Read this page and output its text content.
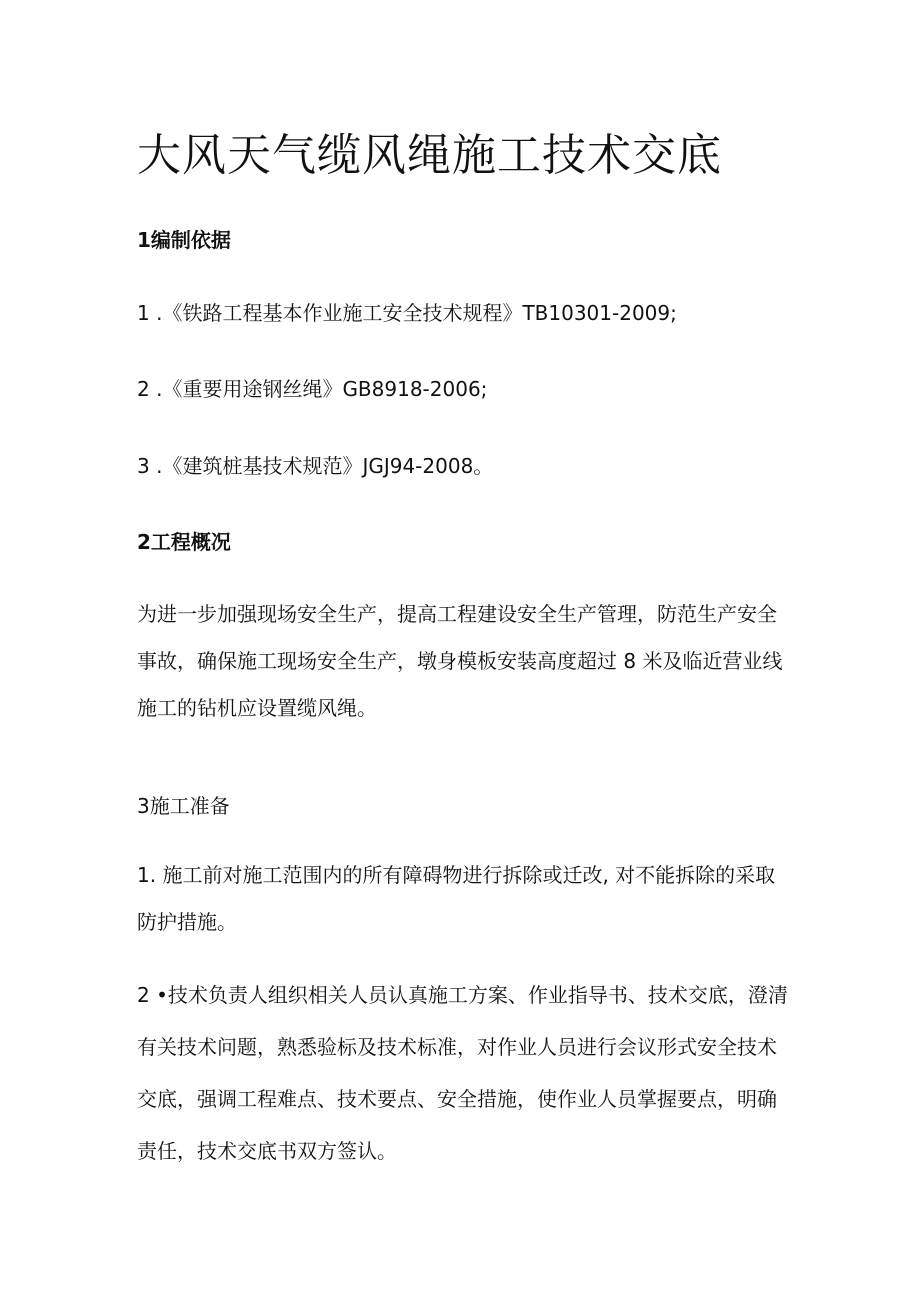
大风天气缆风绳施工技术交底
1编制依据

1 .《铁路工程基本作业施工安全技术规程》TB10301-2009;

2 .《重要用途钢丝绳》GB8918-2006;

3 .《建筑桩基技术规范》JGJ94-2008。

2工程概况
为进一步加强现场安全生产，提高工程建设安全生产管理，防范生产安全
事故，确保施工现场安全生产，墩身模板安装高度超过 8 米及临近营业线
施工的钻机应设置缆风绳。
3施工准备
1. 施工前对施工范围内的所有障碍物进行拆除或迁改, 对不能拆除的采取
防护措施。
2 •技术负责人组织相关人员认真施工方案、作业指导书、技术交底，澄清
有关技术问题，熟悉验标及技术标准，对作业人员进行会议形式安全技术
交底，强调工程难点、技术要点、安全措施，使作业人员掌握要点，明确
责任，技术交底书双方签认。
